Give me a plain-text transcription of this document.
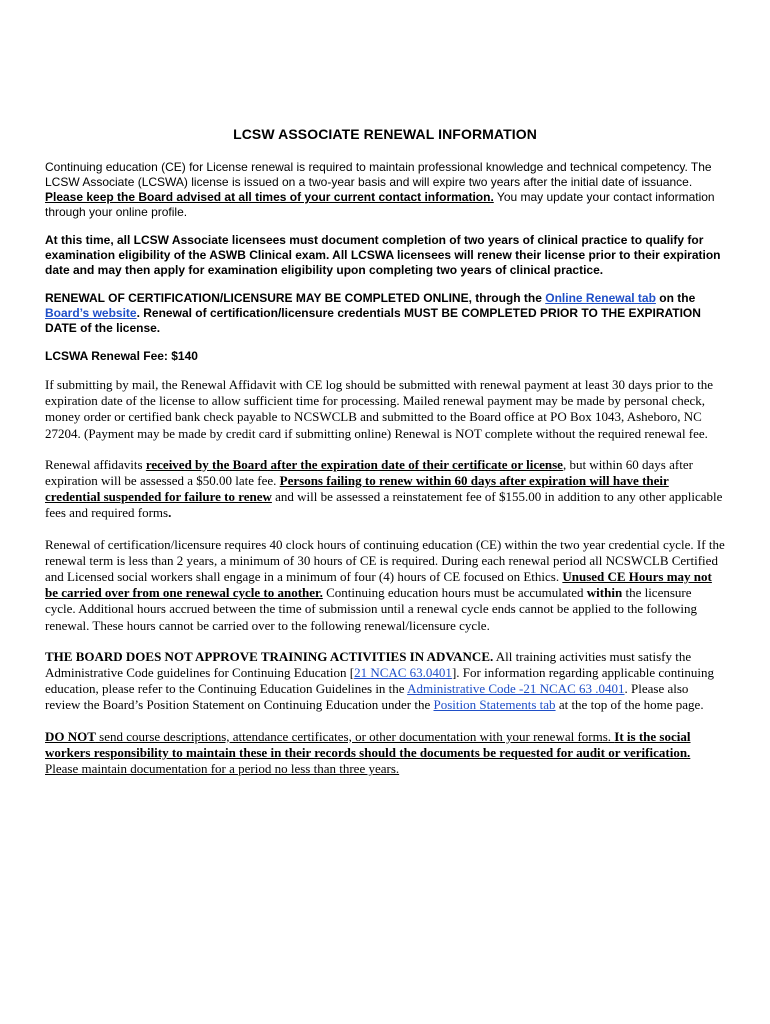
LCSW ASSOCIATE RENEWAL INFORMATION

Continuing education (CE) for License renewal is required to maintain professional knowledge and technical competency. The LCSW Associate (LCSWA) license is issued on a two-year basis and will expire two years after the initial date of issuance. Please keep the Board advised at all times of your current contact information. You may update your contact information through your online profile.

At this time, all LCSW Associate licensees must document completion of two years of clinical practice to qualify for examination eligibility of the ASWB Clinical exam. All LCSWA licensees will renew their license prior to their expiration date and may then apply for examination eligibility upon completing two years of clinical practice.

RENEWAL OF CERTIFICATION/LICENSURE MAY BE COMPLETED ONLINE, through the Online Renewal tab on the Board’s website. Renewal of certification/licensure credentials MUST BE COMPLETED PRIOR TO THE EXPIRATION DATE of the license.

LCSWA Renewal Fee: $140

If submitting by mail, the Renewal Affidavit with CE log should be submitted with renewal payment at least 30 days prior to the expiration date of the license to allow sufficient time for processing. Mailed renewal payment may be made by personal check, money order or certified bank check payable to NCSWCLB and submitted to the Board office at PO Box 1043, Asheboro, NC 27204. (Payment may be made by credit card if submitting online) Renewal is NOT complete without the required renewal fee.

Renewal affidavits received by the Board after the expiration date of their certificate or license, but within 60 days after expiration will be assessed a $50.00 late fee. Persons failing to renew within 60 days after expiration will have their credential suspended for failure to renew and will be assessed a reinstatement fee of $155.00 in addition to any other applicable fees and required forms.

Renewal of certification/licensure requires 40 clock hours of continuing education (CE) within the two year credential cycle. If the renewal term is less than 2 years, a minimum of 30 hours of CE is required. During each renewal period all NCSWCLB Certified and Licensed social workers shall engage in a minimum of four (4) hours of CE focused on Ethics. Unused CE Hours may not be carried over from one renewal cycle to another. Continuing education hours must be accumulated within the licensure cycle. Additional hours accrued between the time of submission until a renewal cycle ends cannot be applied to the following renewal. These hours cannot be carried over to the following renewal/licensure cycle.

THE BOARD DOES NOT APPROVE TRAINING ACTIVITIES IN ADVANCE. All training activities must satisfy the Administrative Code guidelines for Continuing Education [21 NCAC 63.0401]. For information regarding applicable continuing education, please refer to the Continuing Education Guidelines in the Administrative Code -21 NCAC 63 .0401. Please also review the Board’s Position Statement on Continuing Education under the Position Statements tab at the top of the home page.

DO NOT send course descriptions, attendance certificates, or other documentation with your renewal forms. It is the social workers responsibility to maintain these in their records should the documents be requested for audit or verification. Please maintain documentation for a period no less than three years.
